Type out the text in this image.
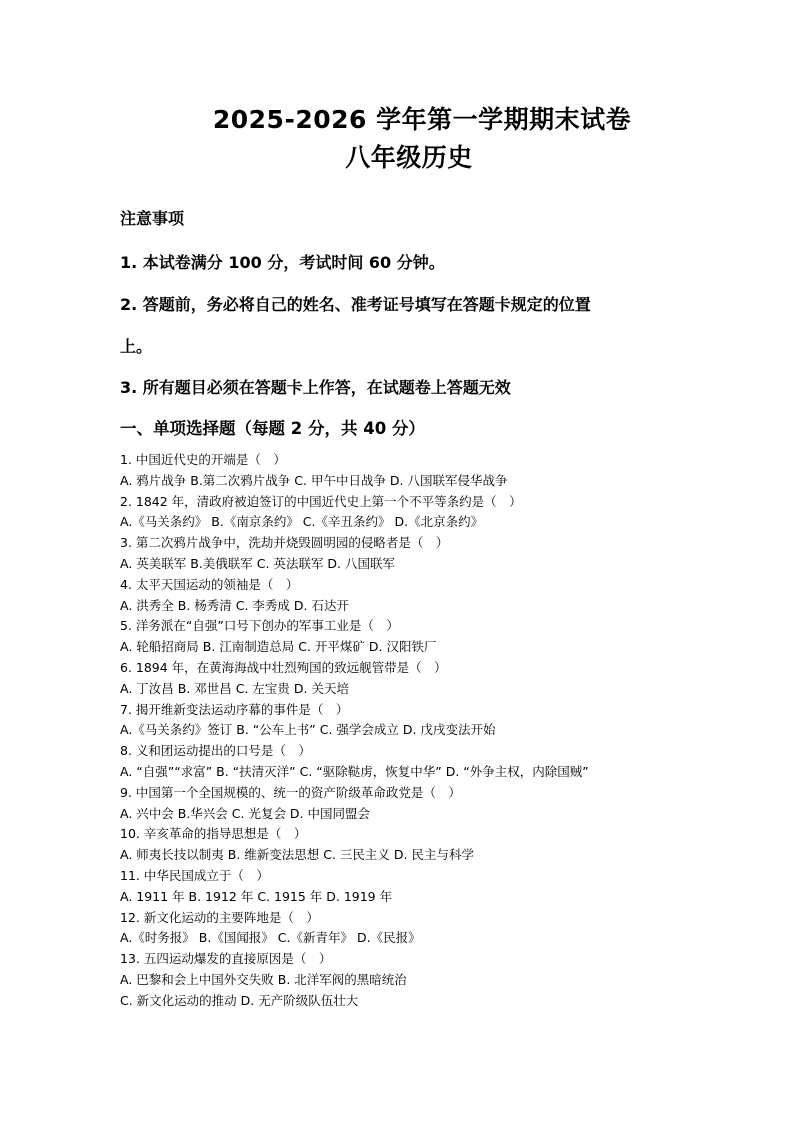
2025-2026 学年第一学期期末试卷
八年级历史
注意事项
1. 本试卷满分 100 分，考试时间 60 分钟。
2. 答题前，务必将自己的姓名、准考证号填写在答题卡规定的位置
上。
3. 所有题目必须在答题卡上作答，在试题卷上答题无效
一、单项选择题（每题 2 分，共 40 分）
1. 中国近代史的开端是（　）
A. 鸦片战争 B.第二次鸦片战争 C. 甲午中日战争 D. 八国联军侵华战争
2. 1842 年，清政府被迫签订的中国近代史上第一个不平等条约是（　）
A.《马关条约》 B.《南京条约》 C.《辛丑条约》 D.《北京条约》
3. 第二次鸦片战争中，洗劫并烧毁圆明园的侵略者是（　）
A. 英美联军 B.美俄联军 C. 英法联军 D. 八国联军
4. 太平天国运动的领袖是（　）
A. 洪秀全 B. 杨秀清 C. 李秀成 D. 石达开
5. 洋务派在“自强”口号下创办的军事工业是（　）
A. 轮船招商局 B. 江南制造总局 C. 开平煤矿 D. 汉阳铁厂
6. 1894 年，在黄海海战中壮烈殉国的致远舰管带是（　）
A. 丁汝昌 B. 邓世昌 C. 左宝贵 D. 关天培
7. 揭开维新变法运动序幕的事件是（　）
A.《马关条约》签订 B. “公车上书” C. 强学会成立 D. 戊戌变法开始
8. 义和团运动提出的口号是（　）
A. “自强”“求富” B. “扶清灭洋” C. “驱除鞑虏，恢复中华” D. “外争主权，内除国贼”
9. 中国第一个全国规模的、统一的资产阶级革命政党是（　）
A. 兴中会 B.华兴会 C. 光复会 D. 中国同盟会
10. 辛亥革命的指导思想是（　）
A. 师夷长技以制夷 B. 维新变法思想 C. 三民主义 D. 民主与科学
11. 中华民国成立于（　）
A. 1911 年 B. 1912 年 C. 1915 年 D. 1919 年
12. 新文化运动的主要阵地是（　）
A.《时务报》 B.《国闻报》 C.《新青年》 D.《民报》
13. 五四运动爆发的直接原因是（　）
A. 巴黎和会上中国外交失败 B. 北洋军阀的黑暗统治
C. 新文化运动的推动 D. 无产阶级队伍壮大
